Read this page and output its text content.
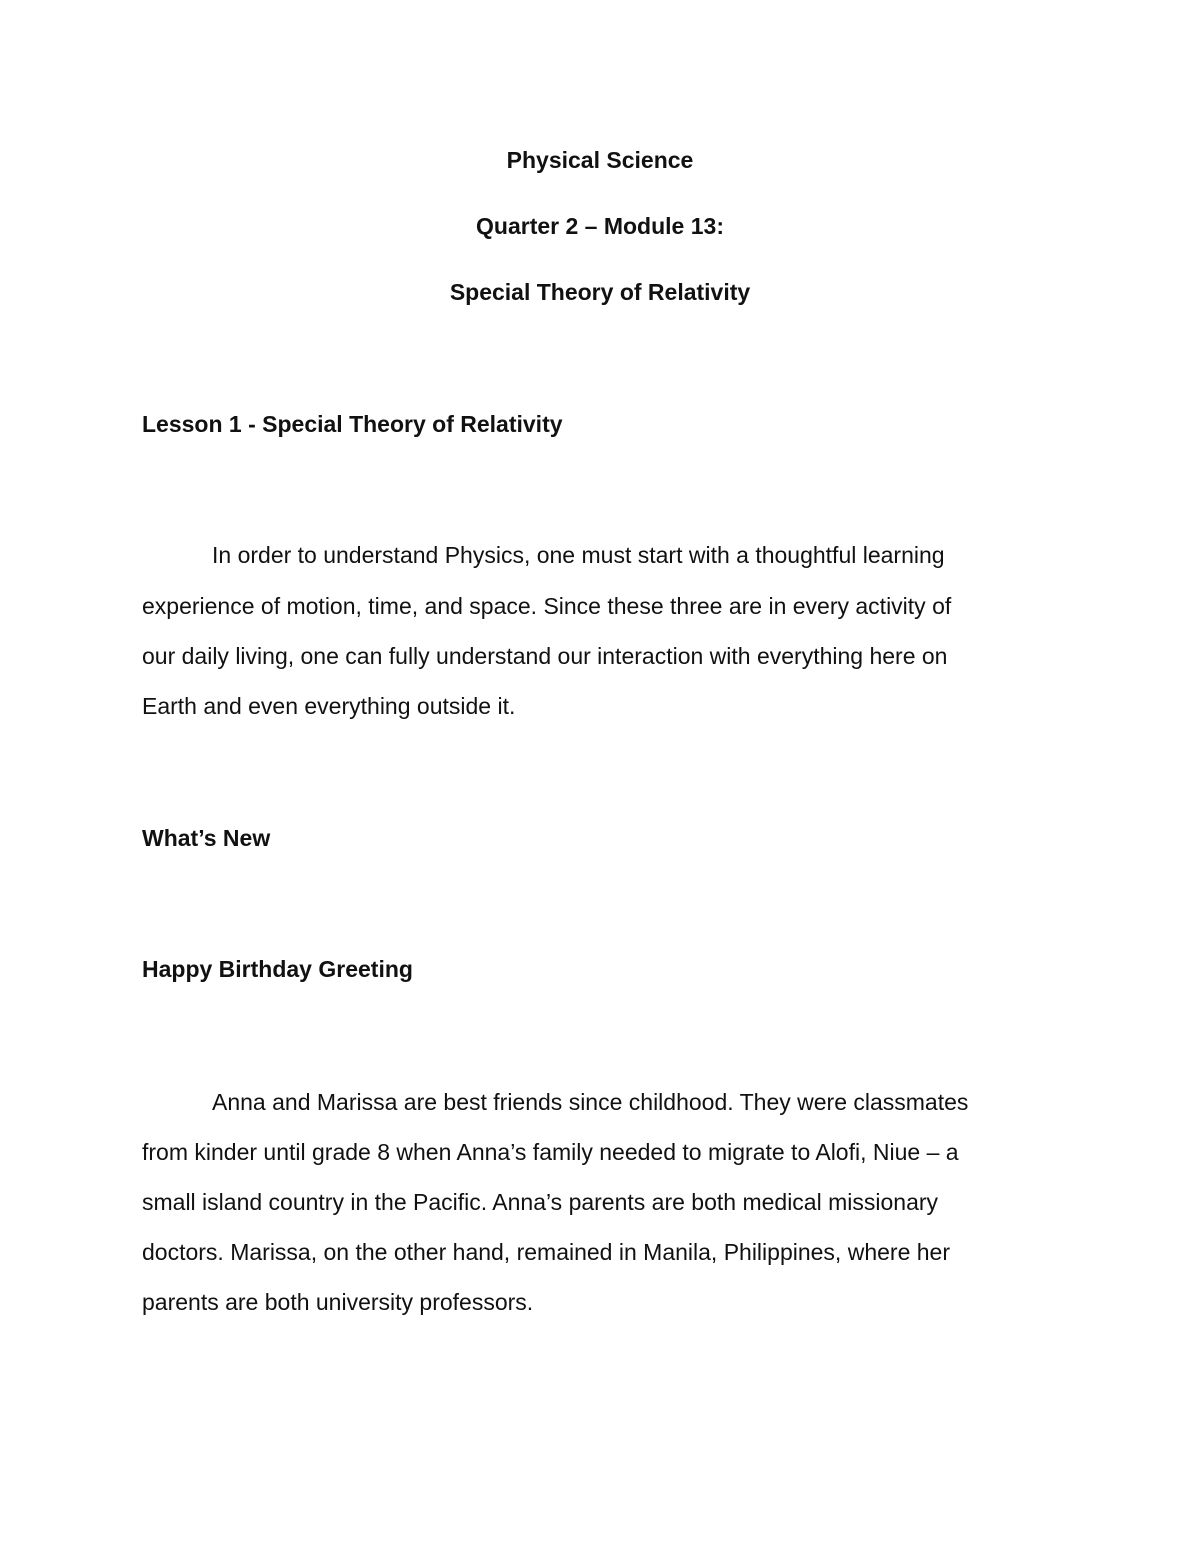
Physical Science

Quarter 2 – Module 13:

Special Theory of Relativity

Lesson 1 - Special Theory of Relativity

In order to understand Physics, one must start with a thoughtful learning

experience of motion, time, and space. Since these three are in every activity of

our daily living, one can fully understand our interaction with everything here on

Earth and even everything outside it.

What’s New

Happy Birthday Greeting

Anna and Marissa are best friends since childhood. They were classmates

from kinder until grade 8 when Anna’s family needed to migrate to Alofi, Niue – a

small island country in the Pacific. Anna’s parents are both medical missionary

doctors. Marissa, on the other hand, remained in Manila, Philippines, where her

parents are both university professors.
